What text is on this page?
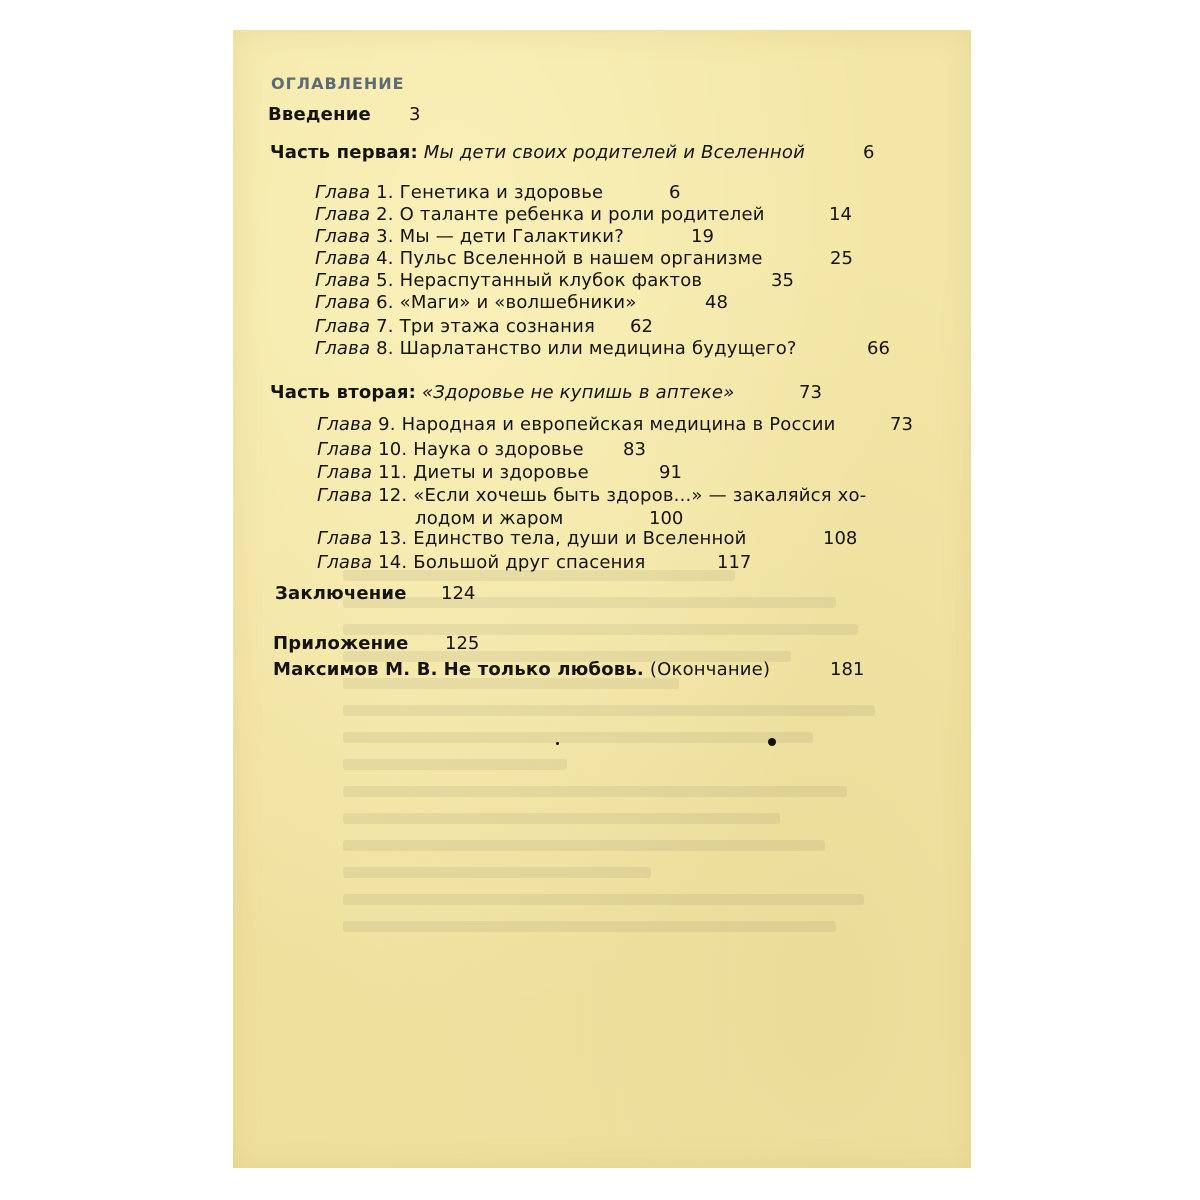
ОГЛАВЛЕНИЕ
Введение 3
Часть первая: Мы дети своих родителей и Вселенной	6
Глава 1. Генетика и здоровье	6
Глава 2. О таланте ребенка и роли родителей	14
Глава 3. Мы — дети Галактики?	19
Глава 4. Пульс Вселенной в нашем организме	25
Глава 5. Нераспутанный клубок фактов	35
Глава 6. «Маги» и «волшебники»	48
Глава 7. Три этажа сознания 62
Глава 8. Шарлатанство или медицина будущего?	66
Часть вторая: «Здоровье не купишь в аптеке»	73
Глава 9. Народная и европейская медицина в России	73
Глава 10. Наука о здоровье 83
Глава 11. Диеты и здоровье	91
Глава 12. «Если хочешь быть здоров...» — закаляйся хо-
лодом и жаром	100
Глава 13. Единство тела, души и Вселенной	108
Глава 14. Большой друг спасения	117
Заключение 124
Приложение 125
Максимов М. В. Не только любовь. (Окончание)	181
